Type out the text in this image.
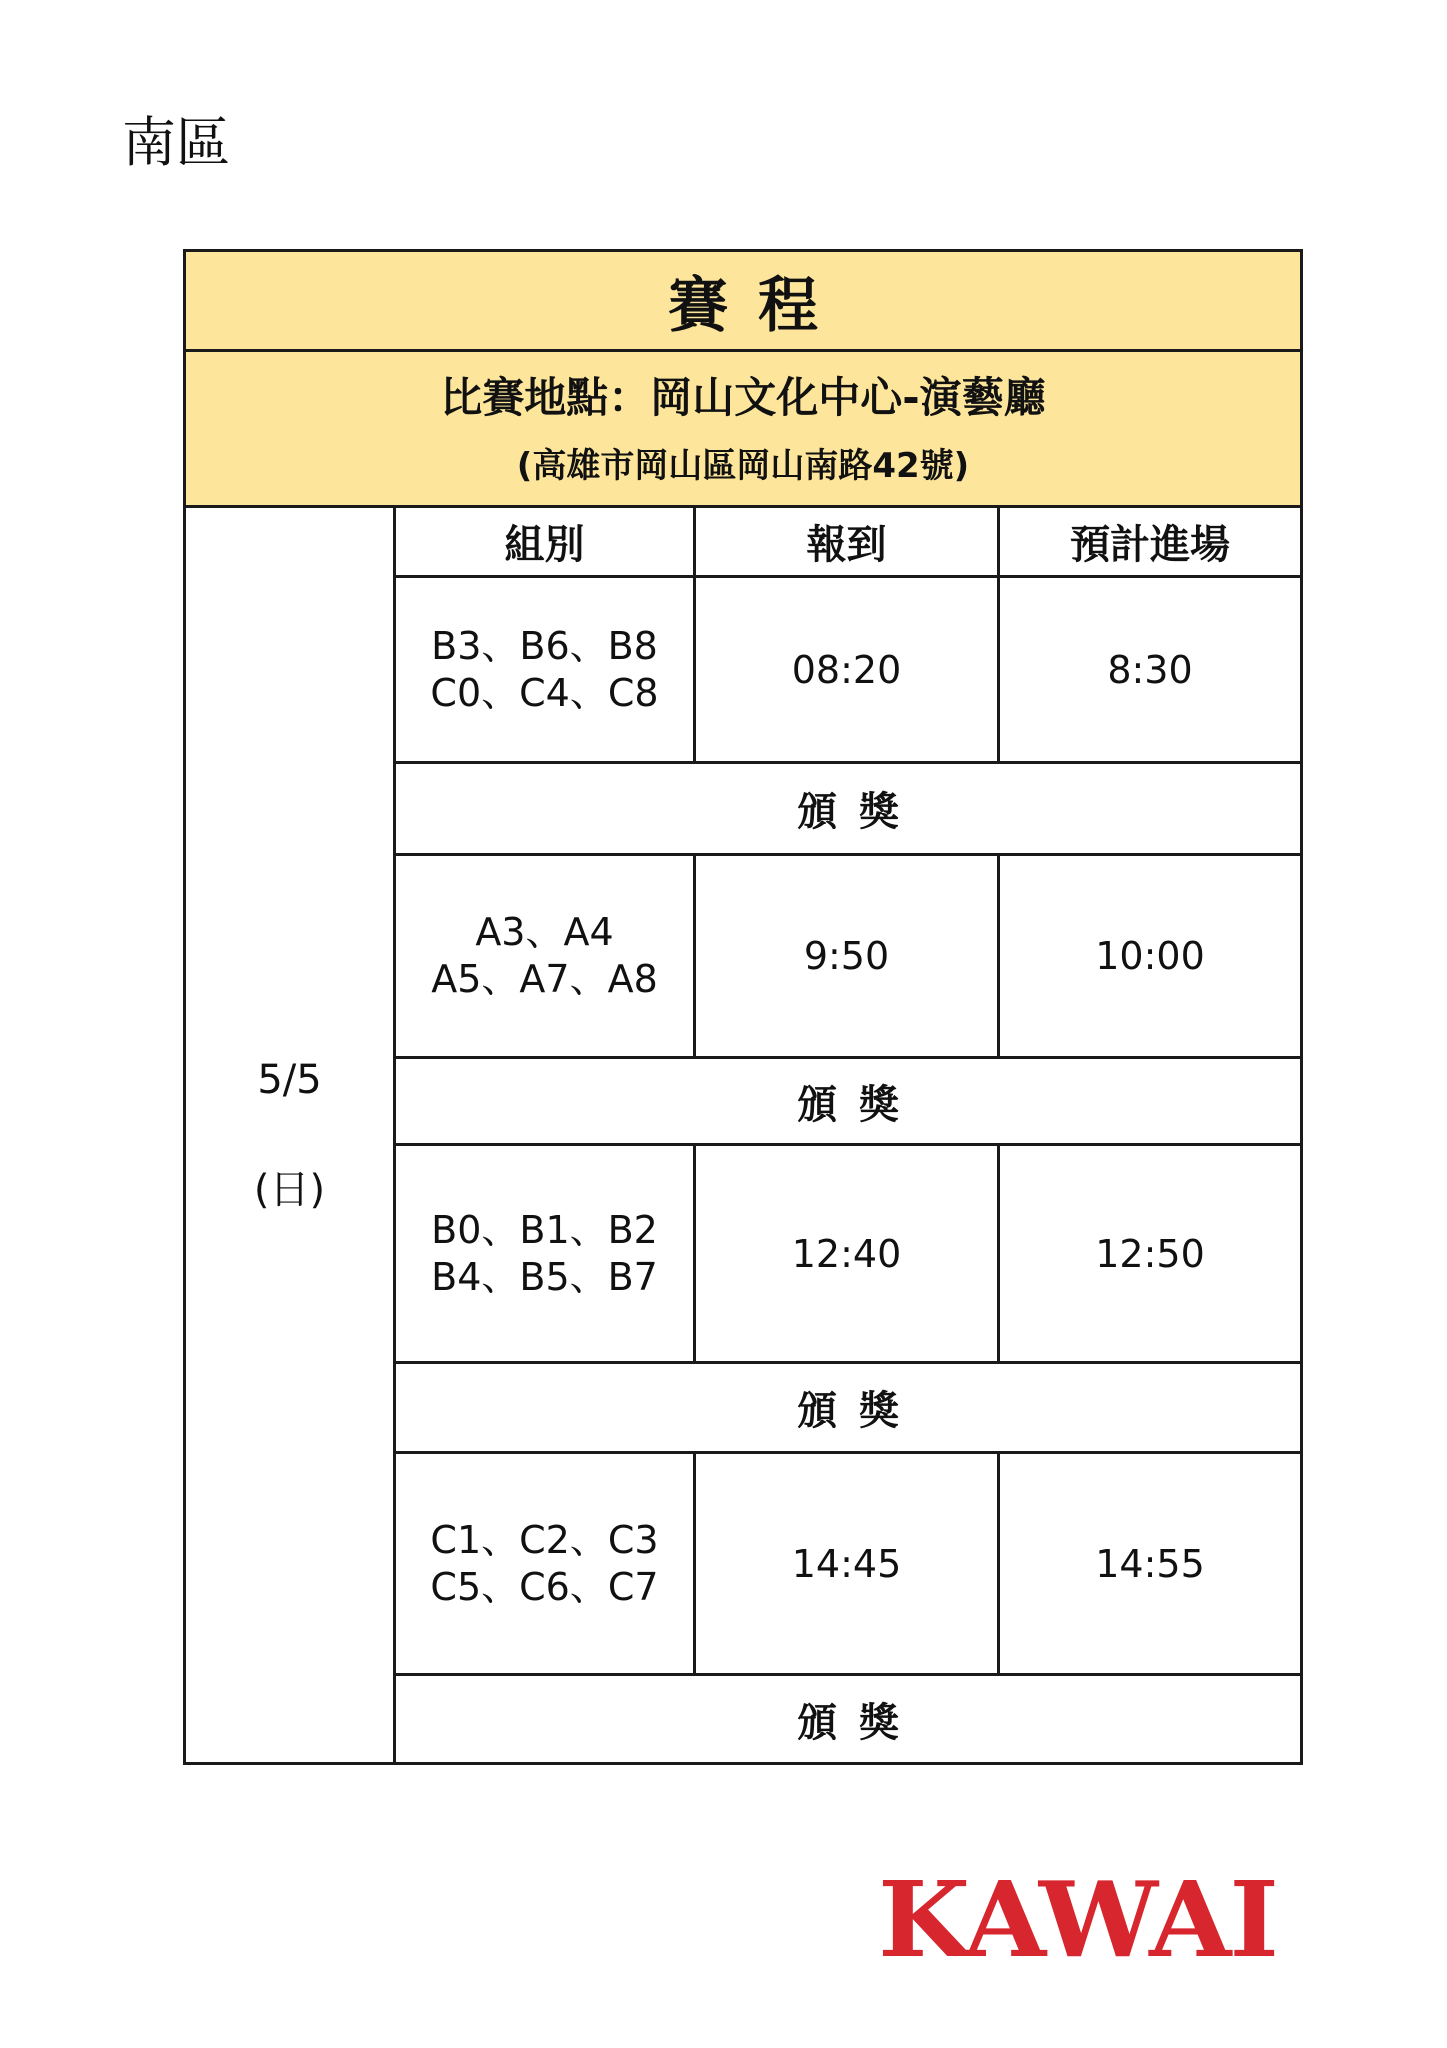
南區
賽程			

比賽地點：岡山文化中心-演藝廳
(高雄市岡山區岡山南路42號)			

5/5
(日)	組別	報到	預計進場

	B3、B6、B8
C0、C4、C8	08:20	8:30
	頒獎		

	A3、A4
A5、A7、A8	9:50	10:00
	頒獎		

	B0、B1、B2
B4、B5、B7	12:40	12:50
	頒獎		

	C1、C2、C3
C5、C6、C7	14:45	14:55
	頒獎		
KAWAI
